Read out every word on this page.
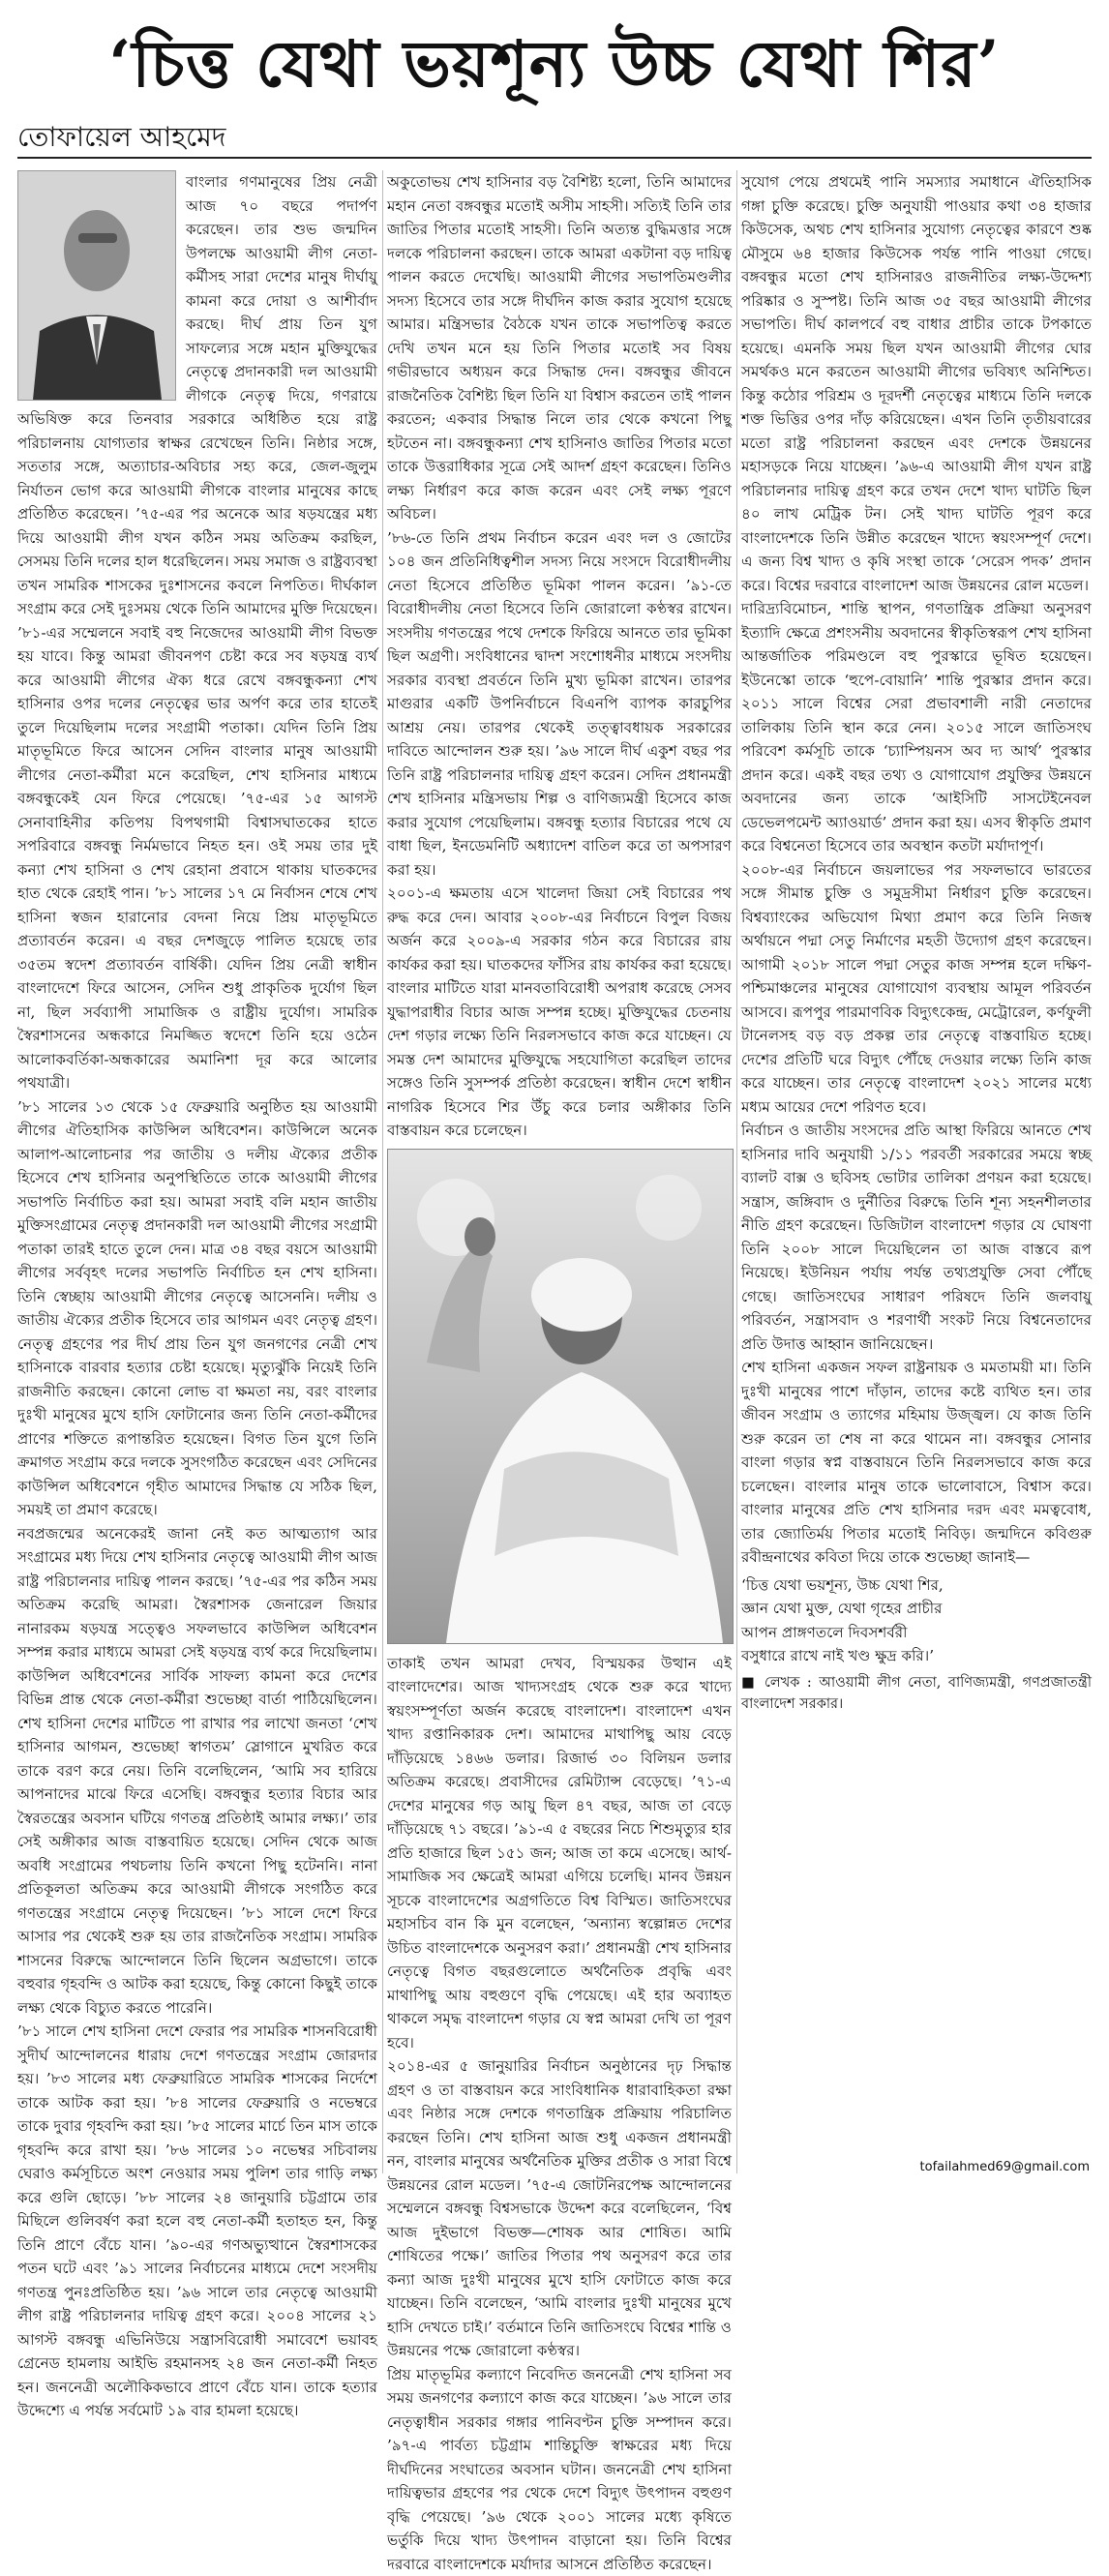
‘চিত্ত যেথা ভয়শূন্য উচ্চ যেথা শির’
তোফায়েল আহমেদ

বাংলার গণমানুষের প্রিয় নেত্রী আজ ৭০ বছরে পদার্পণ করেছেন। তার শুভ জন্মদিন উপলক্ষে আওয়ামী লীগ নেতা-কর্মীসহ সারা দেশের মানুষ দীর্ঘায়ু কামনা করে দোয়া ও আশীর্বাদ করছে। দীর্ঘ প্রায় তিন যুগ সাফল্যের সঙ্গে মহান মুক্তিযুদ্ধের নেতৃত্বে প্রদানকারী দল আওয়ামী লীগকে নেতৃত্ব দিয়ে, গণরায়ে অভিষিক্ত করে তিনবার সরকারে অধিষ্ঠিত হয়ে রাষ্ট্র পরিচালনায় যোগ্যতার স্বাক্ষর রেখেছেন তিনি। নিষ্ঠার সঙ্গে, সততার সঙ্গে, অত্যাচার-অবিচার সহ্য করে, জেল-জুলুম নির্যাতন ভোগ করে আওয়ামী লীগকে বাংলার মানুষের কাছে প্রতিষ্ঠিত করেছেন। ’৭৫-এর পর অনেকে আর ষড়যন্ত্রের মধ্য দিয়ে আওয়ামী লীগ যখন কঠিন সময় অতিক্রম করছিল, সেসময় তিনি দলের হাল ধরেছিলেন। সময় সমাজ ও রাষ্ট্রব্যবস্থা তখন সামরিক শাসকের দুঃশাসনের কবলে নিপতিত। দীর্ঘকাল সংগ্রাম করে সেই দুঃসময় থেকে তিনি আমাদের মুক্তি দিয়েছেন। ’৮১-এর সম্মেলনে সবাই বহু নিজেদের আওয়ামী লীগ বিভক্ত হয় যাবে। কিন্তু আমরা জীবনপণ চেষ্টা করে সব ষড়যন্ত্র ব্যর্থ করে আওয়ামী লীগের ঐক্য ধরে রেখে বঙ্গবন্ধুকন্যা শেখ হাসিনার ওপর দলের নেতৃত্বের ভার অর্পণ করে তার হাতেই তুলে দিয়েছিলাম দলের সংগ্রামী পতাকা। যেদিন তিনি প্রিয় মাতৃভূমিতে ফিরে আসেন সেদিন বাংলার মানুষ আওয়ামী লীগের নেতা-কর্মীরা মনে করেছিল, শেখ হাসিনার মাধ্যমে বঙ্গবন্ধুকেই যেন ফিরে পেয়েছে। ’৭৫-এর ১৫ আগস্ট সেনাবাহিনীর কতিপয় বিপথগামী বিশ্বাসঘাতকের হাতে সপরিবারে বঙ্গবন্ধু নির্মমভাবে নিহত হন। ওই সময় তার দুই কন্যা শেখ হাসিনা ও শেখ রেহানা প্রবাসে থাকায় ঘাতকদের হাত থেকে রেহাই পান। ’৮১ সালের ১৭ মে নির্বাসন শেষে শেখ হাসিনা স্বজন হারানোর বেদনা নিয়ে প্রিয় মাতৃভূমিতে প্রত্যাবর্তন করেন। এ বছর দেশজুড়ে পালিত হয়েছে তার ৩৫তম স্বদেশ প্রত্যাবর্তন বার্ষিকী। যেদিন প্রিয় নেত্রী স্বাধীন বাংলাদেশে ফিরে আসেন, সেদিন শুধু প্রাকৃতিক দুর্যোগ ছিল না, ছিল সর্বব্যাপী সামাজিক ও রাষ্ট্রীয় দুর্যোগ। সামরিক স্বৈরশাসনের অন্ধকারে নিমজ্জিত স্বদেশে তিনি হয়ে ওঠেন আলোকবর্তিকা-অন্ধকারের অমানিশা দূর করে আলোর পথযাত্রী।

’৮১ সালের ১৩ থেকে ১৫ ফেব্রুয়ারি অনুষ্ঠিত হয় আওয়ামী লীগের ঐতিহাসিক কাউন্সিল অধিবেশন। কাউন্সিলে অনেক আলাপ-আলোচনার পর জাতীয় ও দলীয় ঐক্যের প্রতীক হিসেবে শেখ হাসিনার অনুপস্থিতিতে তাকে আওয়ামী লীগের সভাপতি নির্বাচিত করা হয়। আমরা সবাই বলি মহান জাতীয় মুক্তিসংগ্রামের নেতৃত্ব প্রদানকারী দল আওয়ামী লীগের সংগ্রামী পতাকা তারই হাতে তুলে দেন। মাত্র ৩৪ বছর বয়সে আওয়ামী লীগের সর্ববৃহৎ দলের সভাপতি নির্বাচিত হন শেখ হাসিনা। তিনি স্বেচ্ছায় আওয়ামী লীগের নেতৃত্বে আসেননি। দলীয় ও জাতীয় ঐক্যের প্রতীক হিসেবে তার আগমন এবং নেতৃত্ব গ্রহণ। নেতৃত্ব গ্রহণের পর দীর্ঘ প্রায় তিন যুগ জনগণের নেত্রী শেখ হাসিনাকে বারবার হত্যার চেষ্টা হয়েছে। মৃত্যুঝুঁকি নিয়েই তিনি রাজনীতি করছেন। কোনো লোভ বা ক্ষমতা নয়, বরং বাংলার দুঃখী মানুষের মুখে হাসি ফোটানোর জন্য তিনি নেতা-কর্মীদের প্রাণের শক্তিতে রূপান্তরিত হয়েছেন। বিগত তিন যুগে তিনি ক্রমাগত সংগ্রাম করে দলকে সুসংগঠিত করেছেন এবং সেদিনের কাউন্সিল অধিবেশনে গৃহীত আমাদের সিদ্ধান্ত যে সঠিক ছিল, সময়ই তা প্রমাণ করেছে।

নবপ্রজন্মের অনেকেরই জানা নেই কত আত্মত্যাগ আর সংগ্রামের মধ্য দিয়ে শেখ হাসিনার নেতৃত্বে আওয়ামী লীগ আজ রাষ্ট্র পরিচালনার দায়িত্ব পালন করছে। ’৭৫-এর পর কঠিন সময় অতিক্রম করেছি আমরা। স্বৈরশাসক জেনারেল জিয়ার নানারকম ষড়যন্ত্র সত্ত্বেও সফলভাবে কাউন্সিল অধিবেশন সম্পন্ন করার মাধ্যমে আমরা সেই ষড়যন্ত্র ব্যর্থ করে দিয়েছিলাম। কাউন্সিল অধিবেশনের সার্বিক সাফল্য কামনা করে দেশের বিভিন্ন প্রান্ত থেকে নেতা-কর্মীরা শুভেচ্ছা বার্তা পাঠিয়েছিলেন। শেখ হাসিনা দেশের মাটিতে পা রাখার পর লাখো জনতা ‘শেখ হাসিনার আগমন, শুভেচ্ছা স্বাগতম’ স্লোগানে মুখরিত করে তাকে বরণ করে নেয়। তিনি বলেছিলেন, ‘আমি সব হারিয়ে আপনাদের মাঝে ফিরে এসেছি। বঙ্গবন্ধুর হত্যার বিচার আর স্বৈরতন্ত্রের অবসান ঘটিয়ে গণতন্ত্র প্রতিষ্ঠাই আমার লক্ষ্য।’ তার সেই অঙ্গীকার আজ বাস্তবায়িত হয়েছে। সেদিন থেকে আজ অবধি সংগ্রামের পথচলায় তিনি কখনো পিছু হটেননি। নানা প্রতিকূলতা অতিক্রম করে আওয়ামী লীগকে সংগঠিত করে গণতন্ত্রের সংগ্রামে নেতৃত্ব দিয়েছেন। ’৮১ সালে দেশে ফিরে আসার পর থেকেই শুরু হয় তার রাজনৈতিক সংগ্রাম। সামরিক শাসনের বিরুদ্ধে আন্দোলনে তিনি ছিলেন অগ্রভাগে। তাকে বহুবার গৃহবন্দি ও আটক করা হয়েছে, কিন্তু কোনো কিছুই তাকে লক্ষ্য থেকে বিচ্যুত করতে পারেনি।

’৮১ সালে শেখ হাসিনা দেশে ফেরার পর সামরিক শাসনবিরোধী সুদীর্ঘ আন্দোলনের ধারায় দেশে গণতন্ত্রের সংগ্রাম জোরদার হয়। ’৮৩ সালের মধ্য ফেব্রুয়ারিতে সামরিক শাসকের নির্দেশে তাকে আটক করা হয়। ’৮৪ সালের ফেব্রুয়ারি ও নভেম্বরে তাকে দুবার গৃহবন্দি করা হয়। ’৮৫ সালের মার্চে তিন মাস তাকে গৃহবন্দি করে রাখা হয়। ’৮৬ সালের ১০ নভেম্বর সচিবালয় ঘেরাও কর্মসূচিতে অংশ নেওয়ার সময় পুলিশ তার গাড়ি লক্ষ্য করে গুলি ছোড়ে। ’৮৮ সালের ২৪ জানুয়ারি চট্টগ্রামে তার মিছিলে গুলিবর্ষণ করা হলে বহু নেতা-কর্মী হতাহত হন, কিন্তু তিনি প্রাণে বেঁচে যান। ’৯০-এর গণঅভ্যুত্থানে স্বৈরশাসকের পতন ঘটে এবং ’৯১ সালের নির্বাচনের মাধ্যমে দেশে সংসদীয় গণতন্ত্র পুনঃপ্রতিষ্ঠিত হয়। ’৯৬ সালে তার নেতৃত্বে আওয়ামী লীগ রাষ্ট্র পরিচালনার দায়িত্ব গ্রহণ করে। ২০০৪ সালের ২১ আগস্ট বঙ্গবন্ধু এভিনিউয়ে সন্ত্রাসবিরোধী সমাবেশে ভয়াবহ গ্রেনেড হামলায় আইভি রহমানসহ ২৪ জন নেতা-কর্মী নিহত হন। জননেত্রী অলৌকিকভাবে প্রাণে বেঁচে যান। তাকে হত্যার উদ্দেশ্যে এ পর্যন্ত সর্বমোট ১৯ বার হামলা হয়েছে।

অকুতোভয় শেখ হাসিনার বড় বৈশিষ্ট্য হলো, তিনি আমাদের মহান নেতা বঙ্গবন্ধুর মতোই অসীম সাহসী। সত্যিই তিনি তার জাতির পিতার মতোই সাহসী। তিনি অত্যন্ত বুদ্ধিমত্তার সঙ্গে দলকে পরিচালনা করছেন। তাকে আমরা একটানা বড় দায়িত্ব পালন করতে দেখেছি। আওয়ামী লীগের সভাপতিমণ্ডলীর সদস্য হিসেবে তার সঙ্গে দীর্ঘদিন কাজ করার সুযোগ হয়েছে আমার। মন্ত্রিসভার বৈঠকে যখন তাকে সভাপতিত্ব করতে দেখি তখন মনে হয় তিনি পিতার মতোই সব বিষয় গভীরভাবে অধ্যয়ন করে সিদ্ধান্ত দেন। বঙ্গবন্ধুর জীবনে রাজনৈতিক বৈশিষ্ট্য ছিল তিনি যা বিশ্বাস করতেন তাই পালন করতেন; একবার সিদ্ধান্ত নিলে তার থেকে কখনো পিছু হটতেন না। বঙ্গবন্ধুকন্যা শেখ হাসিনাও জাতির পিতার মতো তাকে উত্তরাধিকার সূত্রে সেই আদর্শ গ্রহণ করেছেন। তিনিও লক্ষ্য নির্ধারণ করে কাজ করেন এবং সেই লক্ষ্য পূরণে অবিচল।

’৮৬-তে তিনি প্রথম নির্বাচন করেন এবং দল ও জোটের ১০৪ জন প্রতিনিধিত্বশীল সদস্য নিয়ে সংসদে বিরোধীদলীয় নেতা হিসেবে প্রতিষ্ঠিত ভূমিকা পালন করেন। ’৯১-তে বিরোধীদলীয় নেতা হিসেবে তিনি জোরালো কণ্ঠস্বর রাখেন। সংসদীয় গণতন্ত্রের পথে দেশকে ফিরিয়ে আনতে তার ভূমিকা ছিল অগ্রণী। সংবিধানের দ্বাদশ সংশোধনীর মাধ্যমে সংসদীয় সরকার ব্যবস্থা প্রবর্তনে তিনি মুখ্য ভূমিকা রাখেন। তারপর মাগুরার একটি উপনির্বাচনে বিএনপি ব্যাপক কারচুপির আশ্রয় নেয়। তারপর থেকেই তত্ত্বাবধায়ক সরকারের দাবিতে আন্দোলন শুরু হয়। ’৯৬ সালে দীর্ঘ একুশ বছর পর তিনি রাষ্ট্র পরিচালনার দায়িত্ব গ্রহণ করেন। সেদিন প্রধানমন্ত্রী শেখ হাসিনার মন্ত্রিসভায় শিল্প ও বাণিজ্যমন্ত্রী হিসেবে কাজ করার সুযোগ পেয়েছিলাম। বঙ্গবন্ধু হত্যার বিচারের পথে যে বাধা ছিল, ইনডেমনিটি অধ্যাদেশ বাতিল করে তা অপসারণ করা হয়।

২০০১-এ ক্ষমতায় এসে খালেদা জিয়া সেই বিচারের পথ রুদ্ধ করে দেন। আবার ২০০৮-এর নির্বাচনে বিপুল বিজয় অর্জন করে ২০০৯-এ সরকার গঠন করে বিচারের রায় কার্যকর করা হয়। ঘাতকদের ফাঁসির রায় কার্যকর করা হয়েছে। বাংলার মাটিতে যারা মানবতাবিরোধী অপরাধ করেছে সেসব যুদ্ধাপরাধীর বিচার আজ সম্পন্ন হচ্ছে। মুক্তিযুদ্ধের চেতনায় দেশ গড়ার লক্ষ্যে তিনি নিরলসভাবে কাজ করে যাচ্ছেন। যে সমস্ত দেশ আমাদের মুক্তিযুদ্ধে সহযোগিতা করেছিল তাদের সঙ্গেও তিনি সুসম্পর্ক প্রতিষ্ঠা করেছেন। স্বাধীন দেশে স্বাধীন নাগরিক হিসেবে শির উঁচু করে চলার অঙ্গীকার তিনি বাস্তবায়ন করে চলেছেন।

তাকাই তখন আমরা দেখব, বিস্ময়কর উত্থান এই বাংলাদেশের। আজ খাদ্যসংগ্রহ থেকে শুরু করে খাদ্যে স্বয়ংসম্পূর্ণতা অর্জন করেছে বাংলাদেশ। বাংলাদেশ এখন খাদ্য রপ্তানিকারক দেশ। আমাদের মাথাপিছু আয় বেড়ে দাঁড়িয়েছে ১৪৬৬ ডলার। রিজার্ভ ৩০ বিলিয়ন ডলার অতিক্রম করেছে। প্রবাসীদের রেমিট্যান্স বেড়েছে। ’৭১-এ দেশের মানুষের গড় আয়ু ছিল ৪৭ বছর, আজ তা বেড়ে দাঁড়িয়েছে ৭১ বছরে। ’৯১-এ ৫ বছরের নিচে শিশুমৃত্যুর হার প্রতি হাজারে ছিল ১৫১ জন; আজ তা কমে এসেছে। আর্থ-সামাজিক সব ক্ষেত্রেই আমরা এগিয়ে চলেছি। মানব উন্নয়ন সূচকে বাংলাদেশের অগ্রগতিতে বিশ্ব বিস্মিত। জাতিসংঘের মহাসচিব বান কি মুন বলেছেন, ‘অন্যান্য স্বল্পোন্নত দেশের উচিত বাংলাদেশকে অনুসরণ করা।’ প্রধানমন্ত্রী শেখ হাসিনার নেতৃত্বে বিগত বছরগুলোতে অর্থনৈতিক প্রবৃদ্ধি এবং মাথাপিছু আয় বহুগুণে বৃদ্ধি পেয়েছে। এই হার অব্যাহত থাকলে সমৃদ্ধ বাংলাদেশ গড়ার যে স্বপ্ন আমরা দেখি তা পূরণ হবে।

২০১৪-এর ৫ জানুয়ারির নির্বাচন অনুষ্ঠানের দৃঢ় সিদ্ধান্ত গ্রহণ ও তা বাস্তবায়ন করে সাংবিধানিক ধারাবাহিকতা রক্ষা এবং নিষ্ঠার সঙ্গে দেশকে গণতান্ত্রিক প্রক্রিয়ায় পরিচালিত করছেন তিনি। শেখ হাসিনা আজ শুধু একজন প্রধানমন্ত্রী নন, বাংলার মানুষের অর্থনৈতিক মুক্তির প্রতীক ও সারা বিশ্বে উন্নয়নের রোল মডেল। ’৭৫-এ জোটনিরপেক্ষ আন্দোলনের সম্মেলনে বঙ্গবন্ধু বিশ্বসভাকে উদ্দেশ করে বলেছিলেন, ‘বিশ্ব আজ দুইভাগে বিভক্ত—শোষক আর শোষিত। আমি শোষিতের পক্ষে।’ জাতির পিতার পথ অনুসরণ করে তার কন্যা আজ দুঃখী মানুষের মুখে হাসি ফোটাতে কাজ করে যাচ্ছেন। তিনি বলেছেন, ‘আমি বাংলার দুঃখী মানুষের মুখে হাসি দেখতে চাই।’ বর্তমানে তিনি জাতিসংঘে বিশ্বের শান্তি ও উন্নয়নের পক্ষে জোরালো কণ্ঠস্বর।

প্রিয় মাতৃভূমির কল্যাণে নিবেদিত জননেত্রী শেখ হাসিনা সব সময় জনগণের কল্যাণে কাজ করে যাচ্ছেন। ’৯৬ সালে তার নেতৃত্বাধীন সরকার গঙ্গার পানিবণ্টন চুক্তি সম্পাদন করে। ’৯৭-এ পার্বত্য চট্টগ্রাম শান্তিচুক্তি স্বাক্ষরের মধ্য দিয়ে দীর্ঘদিনের সংঘাতের অবসান ঘটান। জননেত্রী শেখ হাসিনা দায়িত্বভার গ্রহণের পর থেকে দেশে বিদ্যুৎ উৎপাদন বহুগুণ বৃদ্ধি পেয়েছে। ’৯৬ থেকে ২০০১ সালের মধ্যে কৃষিতে ভর্তুকি দিয়ে খাদ্য উৎপাদন বাড়ানো হয়। তিনি বিশ্বের দরবারে বাংলাদেশকে মর্যাদার আসনে প্রতিষ্ঠিত করেছেন।

সুযোগ পেয়ে প্রথমেই পানি সমস্যার সমাধানে ঐতিহাসিক গঙ্গা চুক্তি করেছে। চুক্তি অনুযায়ী পাওয়ার কথা ৩৪ হাজার কিউসেক, অথচ শেখ হাসিনার সুযোগ্য নেতৃত্বের কারণে শুষ্ক মৌসুমে ৬৪ হাজার কিউসেক পর্যন্ত পানি পাওয়া গেছে। বঙ্গবন্ধুর মতো শেখ হাসিনারও রাজনীতির লক্ষ্য-উদ্দেশ্য পরিষ্কার ও সুস্পষ্ট। তিনি আজ ৩৫ বছর আওয়ামী লীগের সভাপতি। দীর্ঘ কালপর্বে বহু বাধার প্রাচীর তাকে টপকাতে হয়েছে। এমনকি সময় ছিল যখন আওয়ামী লীগের ঘোর সমর্থকও মনে করতেন আওয়ামী লীগের ভবিষ্যৎ অনিশ্চিত। কিন্তু কঠোর পরিশ্রম ও দূরদর্শী নেতৃত্বের মাধ্যমে তিনি দলকে শক্ত ভিত্তির ওপর দাঁড় করিয়েছেন। এখন তিনি তৃতীয়বারের মতো রাষ্ট্র পরিচালনা করছেন এবং দেশকে উন্নয়নের মহাসড়কে নিয়ে যাচ্ছেন। ’৯৬-এ আওয়ামী লীগ যখন রাষ্ট্র পরিচালনার দায়িত্ব গ্রহণ করে তখন দেশে খাদ্য ঘাটতি ছিল ৪০ লাখ মেট্রিক টন। সেই খাদ্য ঘাটতি পূরণ করে বাংলাদেশকে তিনি উন্নীত করেছেন খাদ্যে স্বয়ংসম্পূর্ণ দেশে। এ জন্য বিশ্ব খাদ্য ও কৃষি সংস্থা তাকে ‘সেরেস পদক’ প্রদান করে। বিশ্বের দরবারে বাংলাদেশ আজ উন্নয়নের রোল মডেল।

দারিদ্র্যবিমোচন, শান্তি স্থাপন, গণতান্ত্রিক প্রক্রিয়া অনুসরণ ইত্যাদি ক্ষেত্রে প্রশংসনীয় অবদানের স্বীকৃতিস্বরূপ শেখ হাসিনা আন্তর্জাতিক পরিমণ্ডলে বহু পুরস্কারে ভূষিত হয়েছেন। ইউনেস্কো তাকে ‘হুপে-বোয়ানি’ শান্তি পুরস্কার প্রদান করে। ২০১১ সালে বিশ্বের সেরা প্রভাবশালী নারী নেতাদের তালিকায় তিনি স্থান করে নেন। ২০১৫ সালে জাতিসংঘ পরিবেশ কর্মসূচি তাকে ‘চ্যাম্পিয়নস অব দ্য আর্থ’ পুরস্কার প্রদান করে। একই বছর তথ্য ও যোগাযোগ প্রযুক্তির উন্নয়নে অবদানের জন্য তাকে ‘আইসিটি সাসটেইনেবল ডেভেলপমেন্ট অ্যাওয়ার্ড’ প্রদান করা হয়। এসব স্বীকৃতি প্রমাণ করে বিশ্বনেতা হিসেবে তার অবস্থান কতটা মর্যাদাপূর্ণ।

২০০৮-এর নির্বাচনে জয়লাভের পর সফলভাবে ভারতের সঙ্গে সীমান্ত চুক্তি ও সমুদ্রসীমা নির্ধারণ চুক্তি করেছেন। বিশ্বব্যাংকের অভিযোগ মিথ্যা প্রমাণ করে তিনি নিজস্ব অর্থায়নে পদ্মা সেতু নির্মাণের মহতী উদ্যোগ গ্রহণ করেছেন। আগামী ২০১৮ সালে পদ্মা সেতুর কাজ সম্পন্ন হলে দক্ষিণ-পশ্চিমাঞ্চলের মানুষের যোগাযোগ ব্যবস্থায় আমূল পরিবর্তন আসবে। রূপপুর পারমাণবিক বিদ্যুৎকেন্দ্র, মেট্রোরেল, কর্ণফুলী টানেলসহ বড় বড় প্রকল্প তার নেতৃত্বে বাস্তবায়িত হচ্ছে। দেশের প্রতিটি ঘরে বিদ্যুৎ পৌঁছে দেওয়ার লক্ষ্যে তিনি কাজ করে যাচ্ছেন। তার নেতৃত্বে বাংলাদেশ ২০২১ সালের মধ্যে মধ্যম আয়ের দেশে পরিণত হবে।

নির্বাচন ও জাতীয় সংসদের প্রতি আস্থা ফিরিয়ে আনতে শেখ হাসিনার দাবি অনুযায়ী ১/১১ পরবর্তী সরকারের সময়ে স্বচ্ছ ব্যালট বাক্স ও ছবিসহ ভোটার তালিকা প্রণয়ন করা হয়েছে। সন্ত্রাস, জঙ্গিবাদ ও দুর্নীতির বিরুদ্ধে তিনি শূন্য সহনশীলতার নীতি গ্রহণ করেছেন। ডিজিটাল বাংলাদেশ গড়ার যে ঘোষণা তিনি ২০০৮ সালে দিয়েছিলেন তা আজ বাস্তবে রূপ নিয়েছে। ইউনিয়ন পর্যায় পর্যন্ত তথ্যপ্রযুক্তি সেবা পৌঁছে গেছে। জাতিসংঘের সাধারণ পরিষদে তিনি জলবায়ু পরিবর্তন, সন্ত্রাসবাদ ও শরণার্থী সংকট নিয়ে বিশ্বনেতাদের প্রতি উদাত্ত আহ্বান জানিয়েছেন।

শেখ হাসিনা একজন সফল রাষ্ট্রনায়ক ও মমতাময়ী মা। তিনি দুঃখী মানুষের পাশে দাঁড়ান, তাদের কষ্টে ব্যথিত হন। তার জীবন সংগ্রাম ও ত্যাগের মহিমায় উজ্জ্বল। যে কাজ তিনি শুরু করেন তা শেষ না করে থামেন না। বঙ্গবন্ধুর সোনার বাংলা গড়ার স্বপ্ন বাস্তবায়নে তিনি নিরলসভাবে কাজ করে চলেছেন। বাংলার মানুষ তাকে ভালোবাসে, বিশ্বাস করে। বাংলার মানুষের প্রতি শেখ হাসিনার দরদ এবং মমত্ববোধ, তার জ্যোতির্ময় পিতার মতোই নিবিড়। জন্মদিনে কবিগুরু রবীন্দ্রনাথের কবিতা দিয়ে তাকে শুভেচ্ছা জানাই—

‘চিত্ত যেথা ভয়শূন্য, উচ্চ যেথা শির,

জ্ঞান যেথা মুক্ত, যেথা গৃহের প্রাচীর

আপন প্রাঙ্গণতলে দিবসশর্বরী

বসুধারে রাখে নাই খণ্ড ক্ষুদ্র করি।’

■ লেখক : আওয়ামী লীগ নেতা, বাণিজ্যমন্ত্রী, গণপ্রজাতন্ত্রী বাংলাদেশ সরকার।

tofailahmed69@gmail.com
